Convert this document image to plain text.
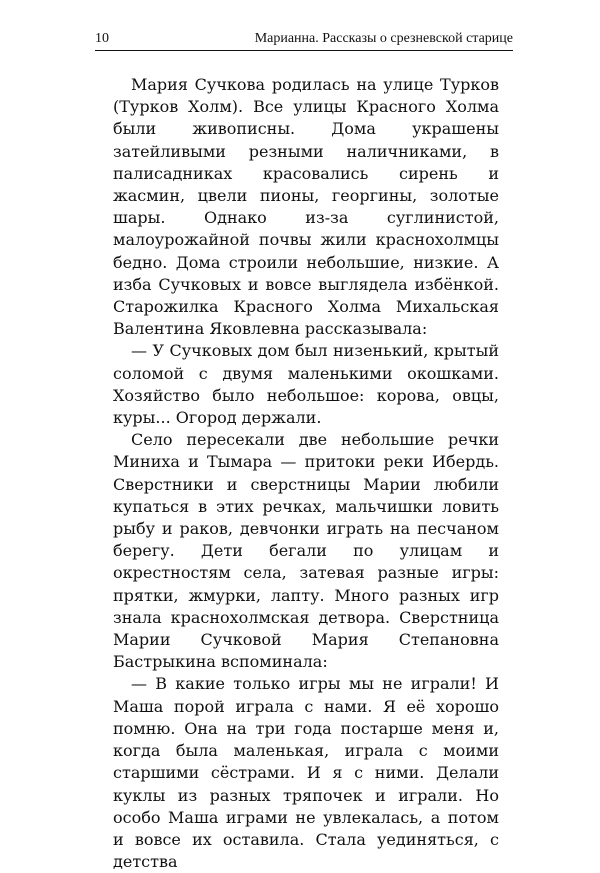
10	Марианна. Рассказы о срезневской старице

Мария Сучкова родилась на улице Турков (Турков Холм). Все улицы Красного Холма были живописны. Дома украшены затейливыми резными наличниками, в палисадниках красовались сирень и жасмин, цвели пионы, георгины, золотые шары. Однако из-за суглинистой, малоурожайной почвы жили краснохолмцы бедно. Дома строили небольшие, низкие. А изба Сучковых и вовсе выглядела избёнкой. Старожилка Красного Холма Михальская Валентина Яковлевна рассказывала:

— У Сучковых дом был низенький, крытый соломой с двумя маленькими окошками. Хозяйство было небольшое: корова, овцы, куры... Огород держали.

Село пересекали две небольшие речки Миниха и Тымара — притоки реки Ибердь. Сверстники и сверстницы Марии любили купаться в этих речках, мальчишки ловить рыбу и раков, девчонки играть на песчаном берегу. Дети бегали по улицам и окрестностям села, затевая разные игры: прятки, жмурки, лапту. Много разных игр знала краснохолмская детвора. Сверстница Марии Сучковой Мария Степановна Бастрыкина вспоминала:

— В какие только игры мы не играли! И Маша порой играла с нами. Я её хорошо помню. Она на три года постарше меня и, когда была маленькая, играла с моими старшими сёстрами. И я с ними. Делали куклы из разных тряпочек и играли. Но особо Маша играми не увлекалась, а потом и вовсе их оставила. Стала уединяться, с детства
